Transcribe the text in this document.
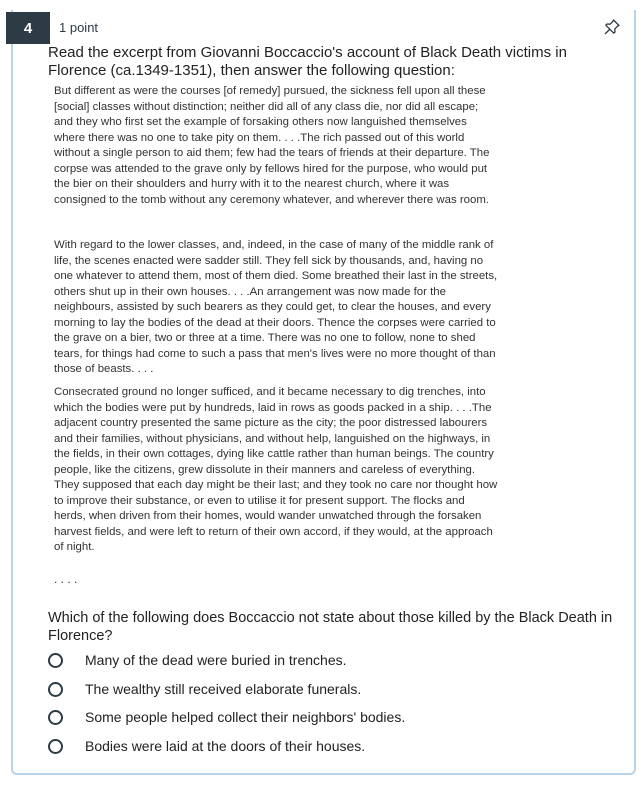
4	1 point
Read the excerpt from Giovanni Boccaccio's account of Black Death victims in Florence (ca.1349-1351), then answer the following question:
But different as were the courses [of remedy] pursued, the sickness fell upon all these [social] classes without distinction; neither did all of any class die, nor did all escape; and they who first set the example of forsaking others now languished themselves where there was no one to take pity on them. . . .The rich passed out of this world without a single person to aid them; few had the tears of friends at their departure. The corpse was attended to the grave only by fellows hired for the purpose, who would put the bier on their shoulders and hurry with it to the nearest church, where it was consigned to the tomb without any ceremony whatever, and wherever there was room.
With regard to the lower classes, and, indeed, in the case of many of the middle rank of life, the scenes enacted were sadder still. They fell sick by thousands, and, having no one whatever to attend them, most of them died. Some breathed their last in the streets, others shut up in their own houses. . . .An arrangement was now made for the neighbours, assisted by such bearers as they could get, to clear the houses, and every morning to lay the bodies of the dead at their doors. Thence the corpses were carried to the grave on a bier, two or three at a time. There was no one to follow, none to shed tears, for things had come to such a pass that men's lives were no more thought of than those of beasts. . . .
Consecrated ground no longer sufficed, and it became necessary to dig trenches, into which the bodies were put by hundreds, laid in rows as goods packed in a ship. . . .The adjacent country presented the same picture as the city; the poor distressed labourers and their families, without physicians, and without help, languished on the highways, in the fields, in their own cottages, dying like cattle rather than human beings. The country people, like the citizens, grew dissolute in their manners and careless of everything. They supposed that each day might be their last; and they took no care nor thought how to improve their substance, or even to utilise it for present support. The flocks and herds, when driven from their homes, would wander unwatched through the forsaken harvest fields, and were left to return of their own accord, if they would, at the approach of night.
. . . .
Which of the following does Boccaccio not state about those killed by the Black Death in Florence?
Many of the dead were buried in trenches.
The wealthy still received elaborate funerals.
Some people helped collect their neighbors' bodies.
Bodies were laid at the doors of their houses.
